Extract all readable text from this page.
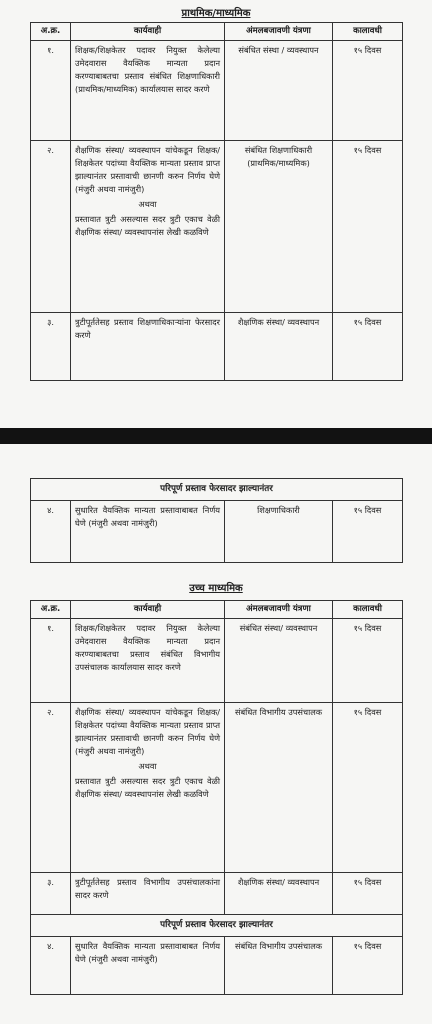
प्राथमिक/माध्यमिक
अ.क्र.	कार्यवाही	अंमलबजावणी यंत्रणा	कालावधी
१.	शिक्षक/शिक्षकेतर पदावर नियुक्त केलेल्या उमेदवारास वैयक्तिक मान्यता प्रदान करण्याबाबतचा प्रस्ताव संबंधित शिक्षणाधिकारी (प्राथमिक/माध्यमिक) कार्यालयास सादर करणे	संबंधित संस्था / व्यवस्थापन	१५ दिवस
२.	शैक्षणिक संस्था/ व्यवस्थापन यांचेकडून शिक्षक/शिक्षकेतर पदांच्या वैयक्तिक मान्यता प्रस्ताव प्राप्त झाल्यानंतर प्रस्तावाची छानणी करुन निर्णय घेणे (मंजुरी अथवा नामंजुरी)
अथवा
प्रस्तावात त्रुटी असल्यास सदर त्रुटी एकाच वेळी शैक्षणिक संस्था/ व्यवस्थापनांस लेखी कळविणे	संबंधित शिक्षणाधिकारी (प्राथमिक/माध्यमिक)	१५ दिवस
३.	त्रुटीपूर्ततेसह प्रस्ताव शिक्षणाधिकाऱ्यांना फेरसादर करणे	शैक्षणिक संस्था/ व्यवस्थापन	१५ दिवस
परिपूर्ण प्रस्ताव फेरसादर झाल्यानंतर
४.	सुधारित वैयक्तिक मान्यता प्रस्तावाबाबत निर्णय घेणे (मंजुरी अथवा नामंजुरी)	शिक्षणाधिकारी	१५ दिवस
उच्च माध्यमिक
अ.क्र.	कार्यवाही	अंमलबजावणी यंत्रणा	कालावधी
१.	शिक्षक/शिक्षकेतर पदावर नियुक्त केलेल्या उमेदवारास वैयक्तिक मान्यता प्रदान करण्याबाबतचा प्रस्ताव संबंधित विभागीय उपसंचालक कार्यालयास सादर करणे	संबंधित संस्था/ व्यवस्थापन	१५ दिवस
२.	शैक्षणिक संस्था/ व्यवस्थापन यांचेकडून शिक्षक/शिक्षकेतर पदांच्या वैयक्तिक मान्यता प्रस्ताव प्राप्त झाल्यानंतर प्रस्तावाची छानणी करुन निर्णय घेणे (मंजुरी अथवा नामंजुरी)
अथवा
प्रस्तावात त्रुटी असल्यास सदर त्रुटी एकाच वेळी शैक्षणिक संस्था/ व्यवस्थापनांस लेखी कळविणे	संबंधित विभागीय उपसंचालक	१५ दिवस
३.	त्रुटीपूर्ततेसह प्रस्ताव विभागीय उपसंचालकांना सादर करणे	शैक्षणिक संस्था/ व्यवस्थापन	१५ दिवस
परिपूर्ण प्रस्ताव फेरसादर झाल्यानंतर			
४.	सुधारित वैयक्तिक मान्यता प्रस्तावाबाबत निर्णय घेणे (मंजुरी अथवा नामंजुरी)	संबंधित विभागीय उपसंचालक	१५ दिवस
